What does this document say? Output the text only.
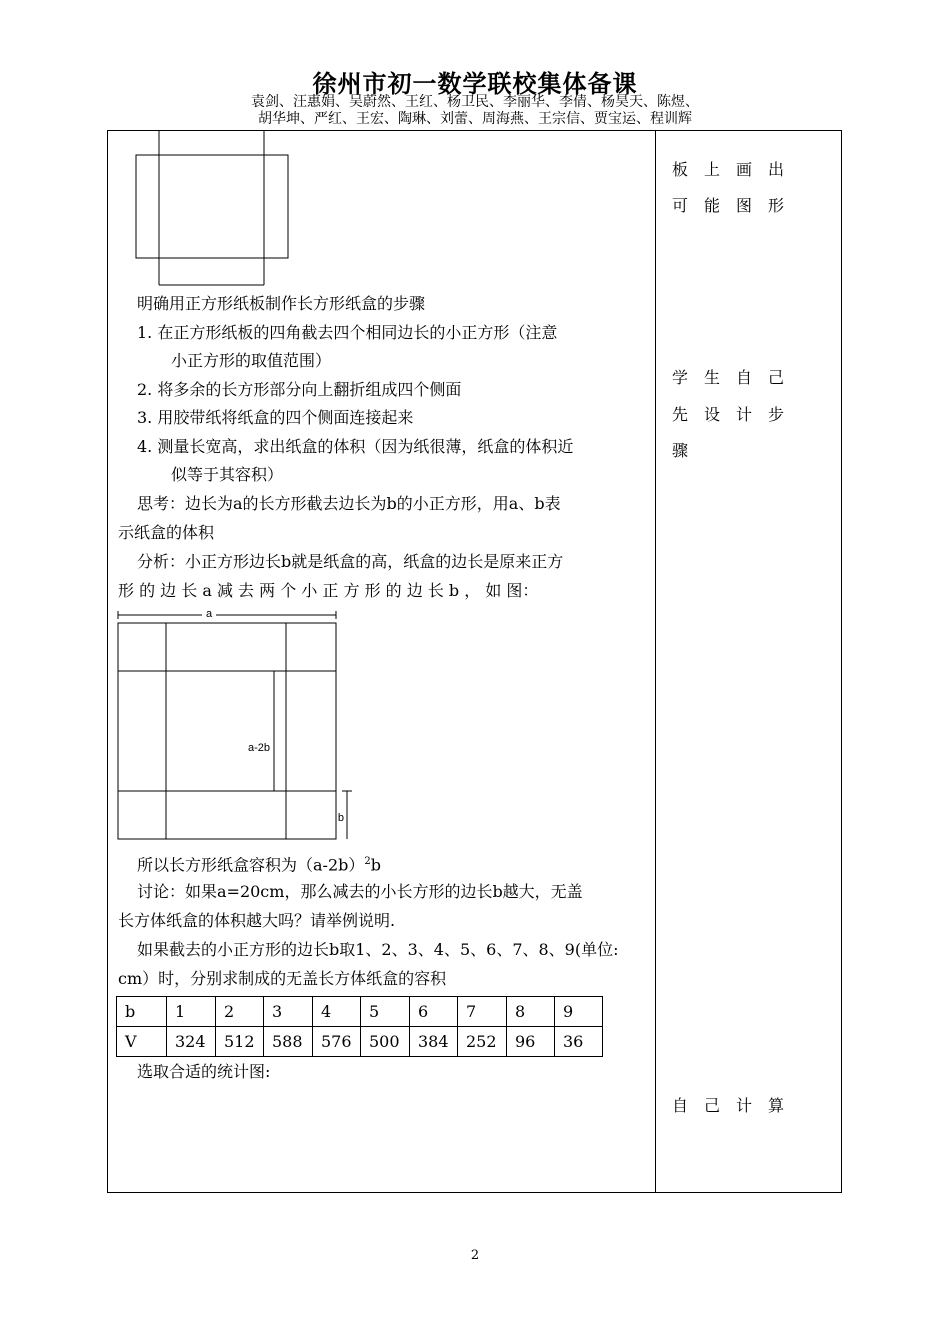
徐州市初一数学联校集体备课
袁剑、汪惠娟、吴蔚然、王红、杨卫民、李丽华、李倩、杨昊天、陈煜、
胡华坤、严红、王宏、陶琳、刘蕾、周海燕、王宗信、贾宝运、程训辉
明确用正方形纸板制作长方形纸盒的步骤
1. 在正方形纸板的四角截去四个相同边长的小正方形（注意
小正方形的取值范围）
2. 将多余的长方形部分向上翻折组成四个侧面
3. 用胶带纸将纸盒的四个侧面连接起来
4. 测量长宽高，求出纸盒的体积（因为纸很薄，纸盒的体积近
似等于其容积）
思考：边长为a的长方形截去边长为b的小正方形，用a、b表
示纸盒的体积
分析：小正方形边长b就是纸盒的高，纸盒的边长是原来正方
形 的 边 长 a 减 去 两 个 小 正 方 形 的 边 长 b ， 如 图：
a
a-2b
b
所以长方形纸盒容积为$(a-2b)^2b$
讨论：如果a=20cm，那么减去的小长方形的边长b越大，无盖
长方体纸盒的体积越大吗？请举例说明.
如果截去的小正方形的边长b取1、2、3、4、5、6、7、8、9(单位:
cm）时，分别求制成的无盖长方体纸盒的容积
b	1	2	3	4	5	6	7	8	9
V	324	512	588	576	500	384	252	96	36
选取合适的统计图:
板上画出
可能图形
学生自己
先设计步
骤
自己计算
2
